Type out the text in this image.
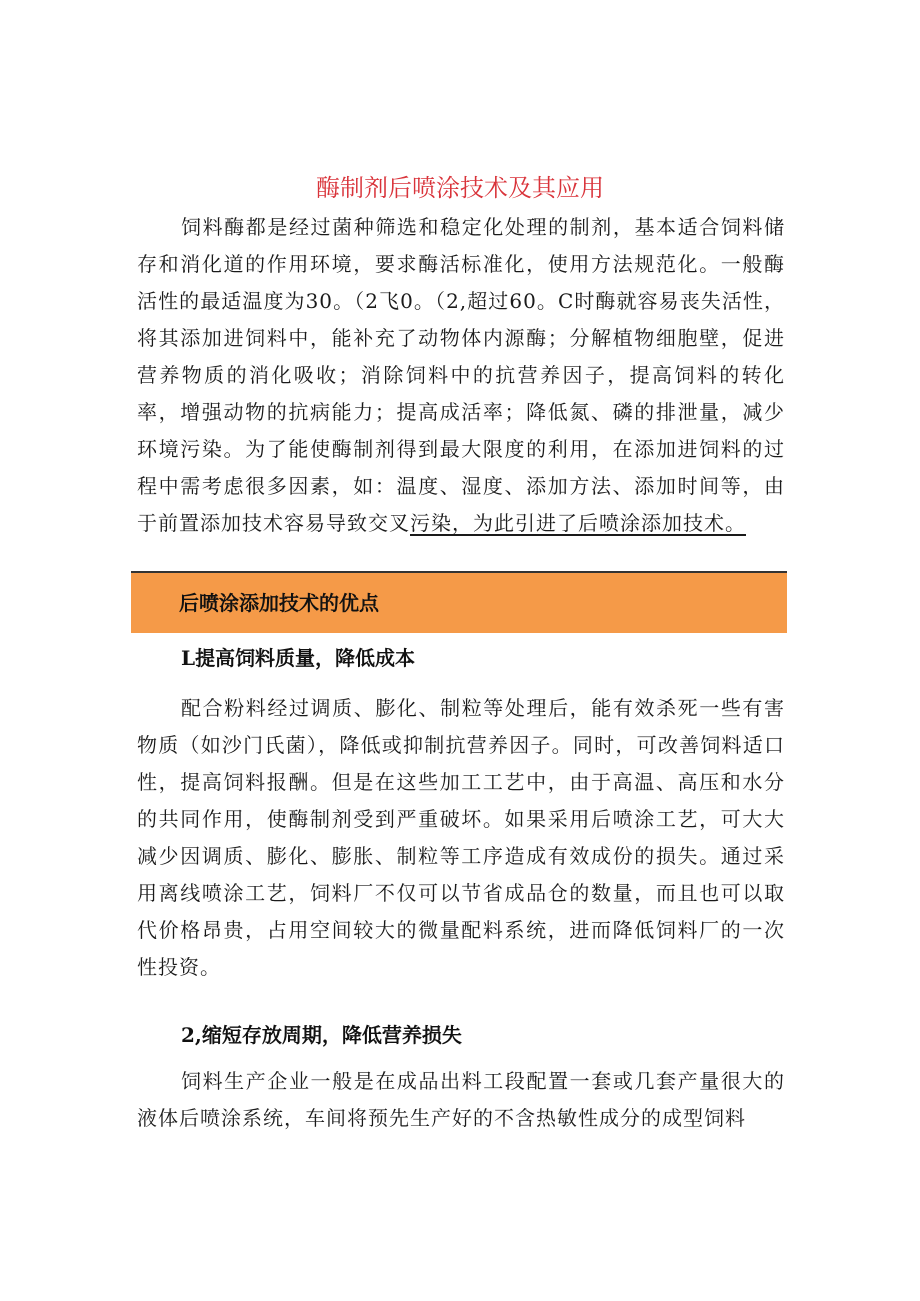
酶制剂后喷涂技术及其应用

饲料酶都是经过菌种筛选和稳定化处理的制剂，基本适合饲料储存和消化道的作用环境，要求酶活标准化，使用方法规范化。一般酶活性的最适温度为30。（2飞0。（2,超过60。C时酶就容易丧失活性，将其添加进饲料中，能补充了动物体内源酶；分解植物细胞壁，促进营养物质的消化吸收；消除饲料中的抗营养因子，提高饲料的转化率，增强动物的抗病能力；提高成活率；降低氮、磷的排泄量，减少环境污染。为了能使酶制剂得到最大限度的利用，在添加进饲料的过程中需考虑很多因素，如：温度、湿度、添加方法、添加时间等，由于前置添加技术容易导致交叉污染，为此引进了后喷涂添加技术。

后喷涂添加技术的优点
L提高饲料质量，降低成本

配合粉料经过调质、膨化、制粒等处理后，能有效杀死一些有害物质（如沙门氏菌），降低或抑制抗营养因子。同时，可改善饲料适口性，提高饲料报酬。但是在这些加工工艺中，由于高温、高压和水分的共同作用，使酶制剂受到严重破坏。如果采用后喷涂工艺，可大大减少因调质、膨化、膨胀、制粒等工序造成有效成份的损失。通过采用离线喷涂工艺，饲料厂不仅可以节省成品仓的数量，而且也可以取代价格昂贵，占用空间较大的微量配料系统，进而降低饲料厂的一次性投资。

2,缩短存放周期，降低营养损失

饲料生产企业一般是在成品出料工段配置一套或几套产量很大的液体后喷涂系统，车间将预先生产好的不含热敏性成分的成型饲料
